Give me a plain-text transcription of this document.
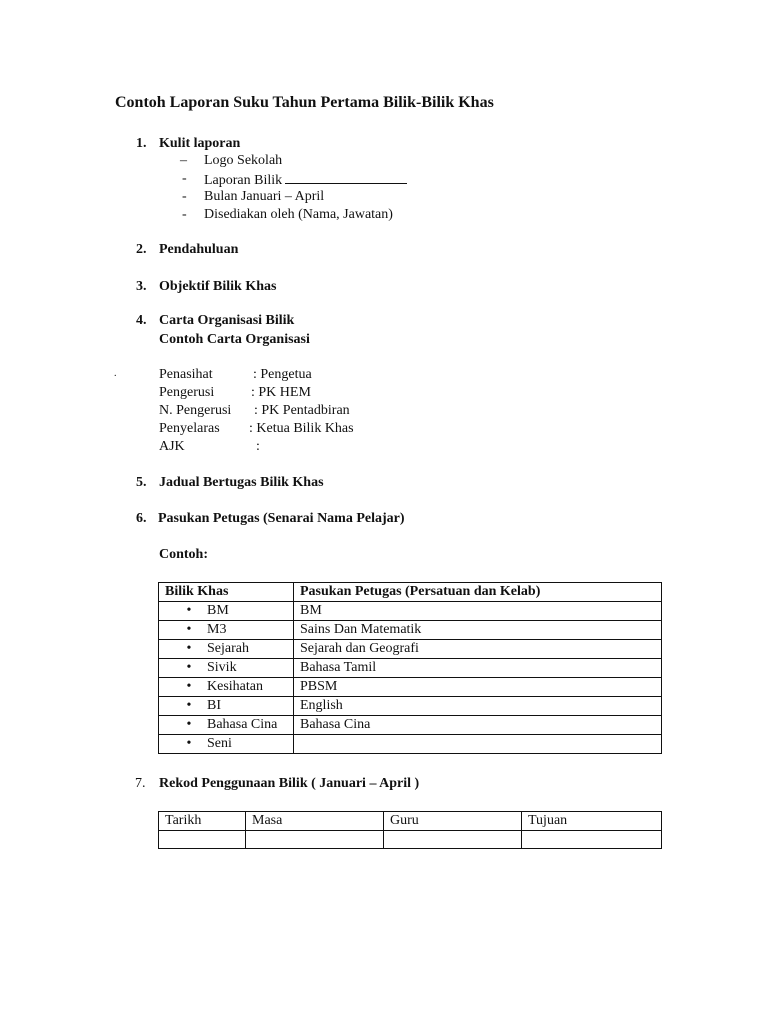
Contoh Laporan Suku Tahun Pertama Bilik-Bilik Khas
1. Kulit laporan
– Logo Sekolah
- Laporan Bilik
- Bulan Januari – April
- Disediakan oleh (Nama, Jawatan)
2. Pendahuluan
3. Objektif Bilik Khas
4. Carta Organisasi Bilik
Contoh Carta Organisasi
.	Penasihat	: Pengetua
Pengerusi	: PK HEM
N. Pengerusi : PK Pentadbiran
Penyelaras : Ketua Bilik Khas
AJK	:
5. Jadual Bertugas Bilik Khas
6. Pasukan Petugas (Senarai Nama Pelajar)
Contoh:
Bilik Khas	Pasukan Petugas (Persatuan dan Kelab)
• BM	BM
• M3	Sains Dan Matematik
• Sejarah	Sejarah dan Geografi
• Sivik	Bahasa Tamil
• Kesihatan	PBSM
• BI	English
• Bahasa Cina	Bahasa Cina
• Seni	
7. Rekod Penggunaan Bilik ( Januari – April )
Tarikh	Masa	Guru	Tujuan
